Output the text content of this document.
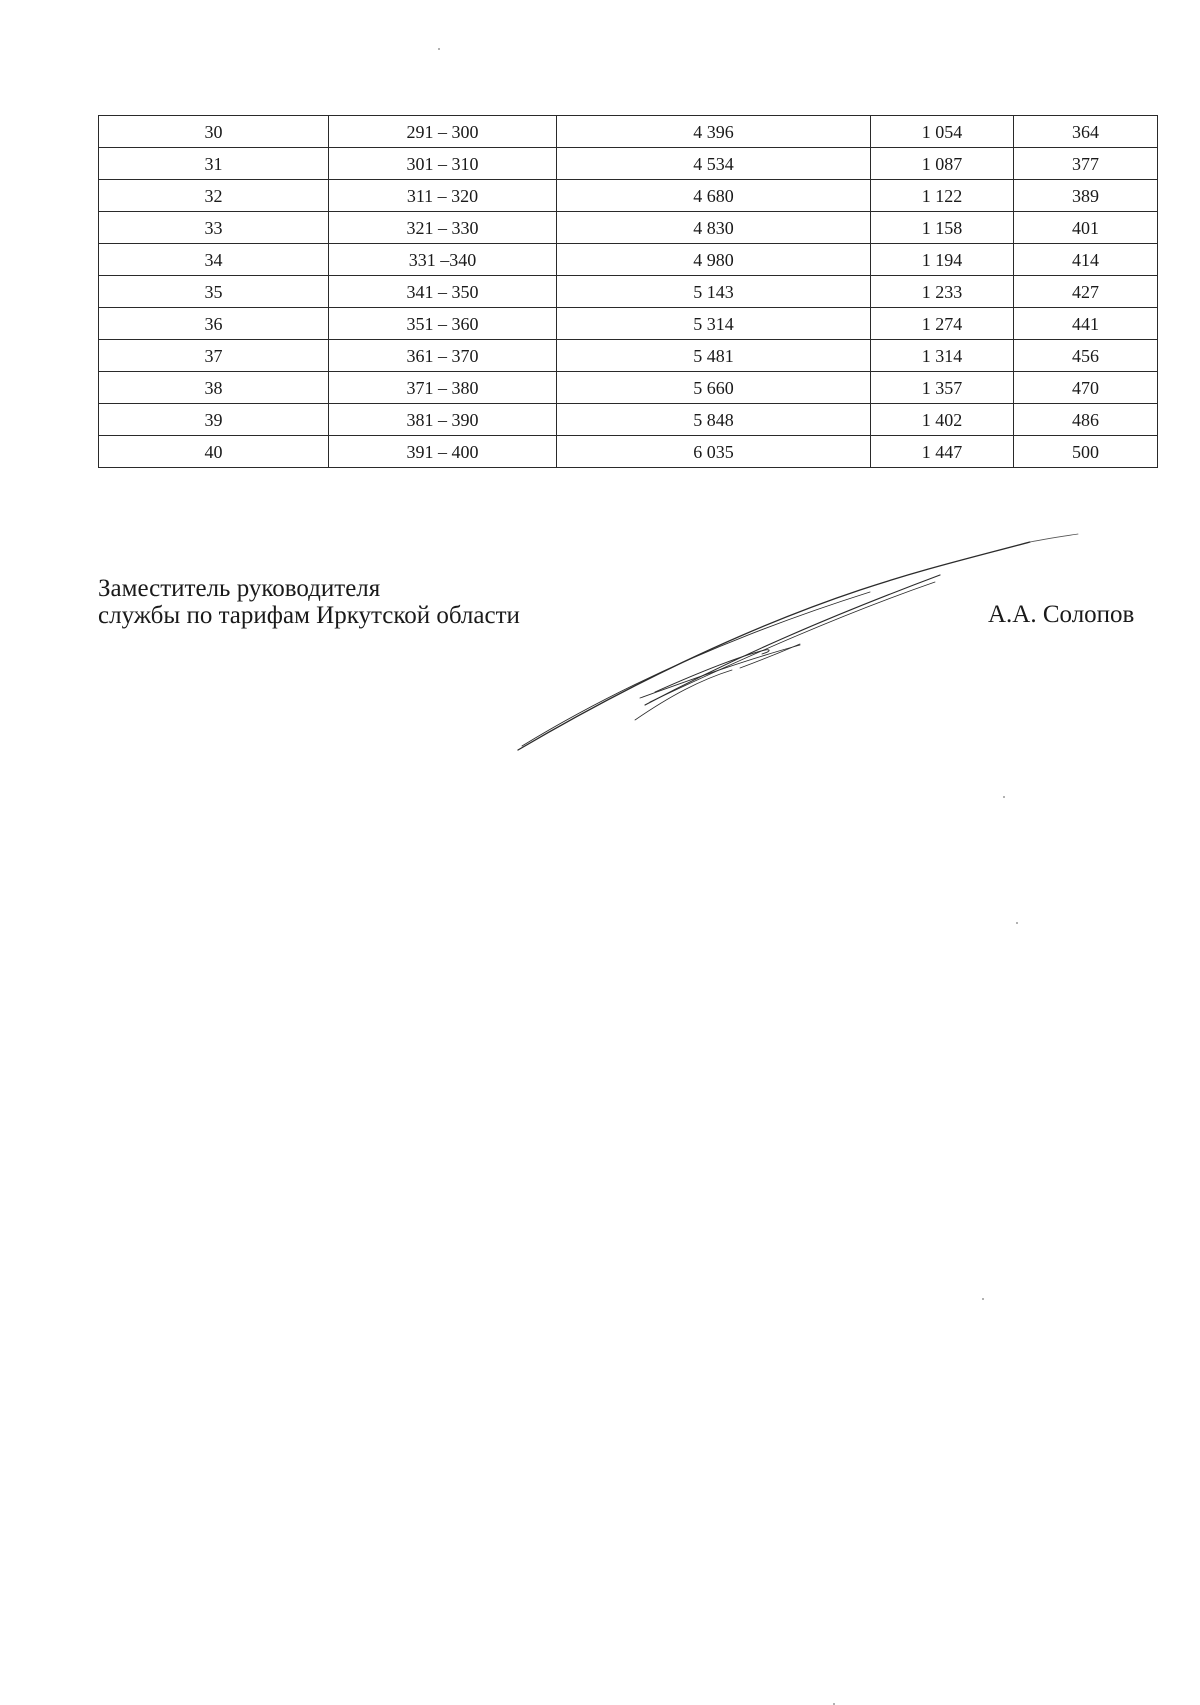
30	291 – 300	4 396	1 054	364
31	301 – 310	4 534	1 087	377
32	311 – 320	4 680	1 122	389
33	321 – 330	4 830	1 158	401
34	331 –340	4 980	1 194	414
35	341 – 350	5 143	1 233	427
36	351 – 360	5 314	1 274	441
37	361 – 370	5 481	1 314	456
38	371 – 380	5 660	1 357	470
39	381 – 390	5 848	1 402	486
40	391 – 400	6 035	1 447	500
Заместитель руководителя
службы по тарифам Иркутской области	А.А. Солопов
